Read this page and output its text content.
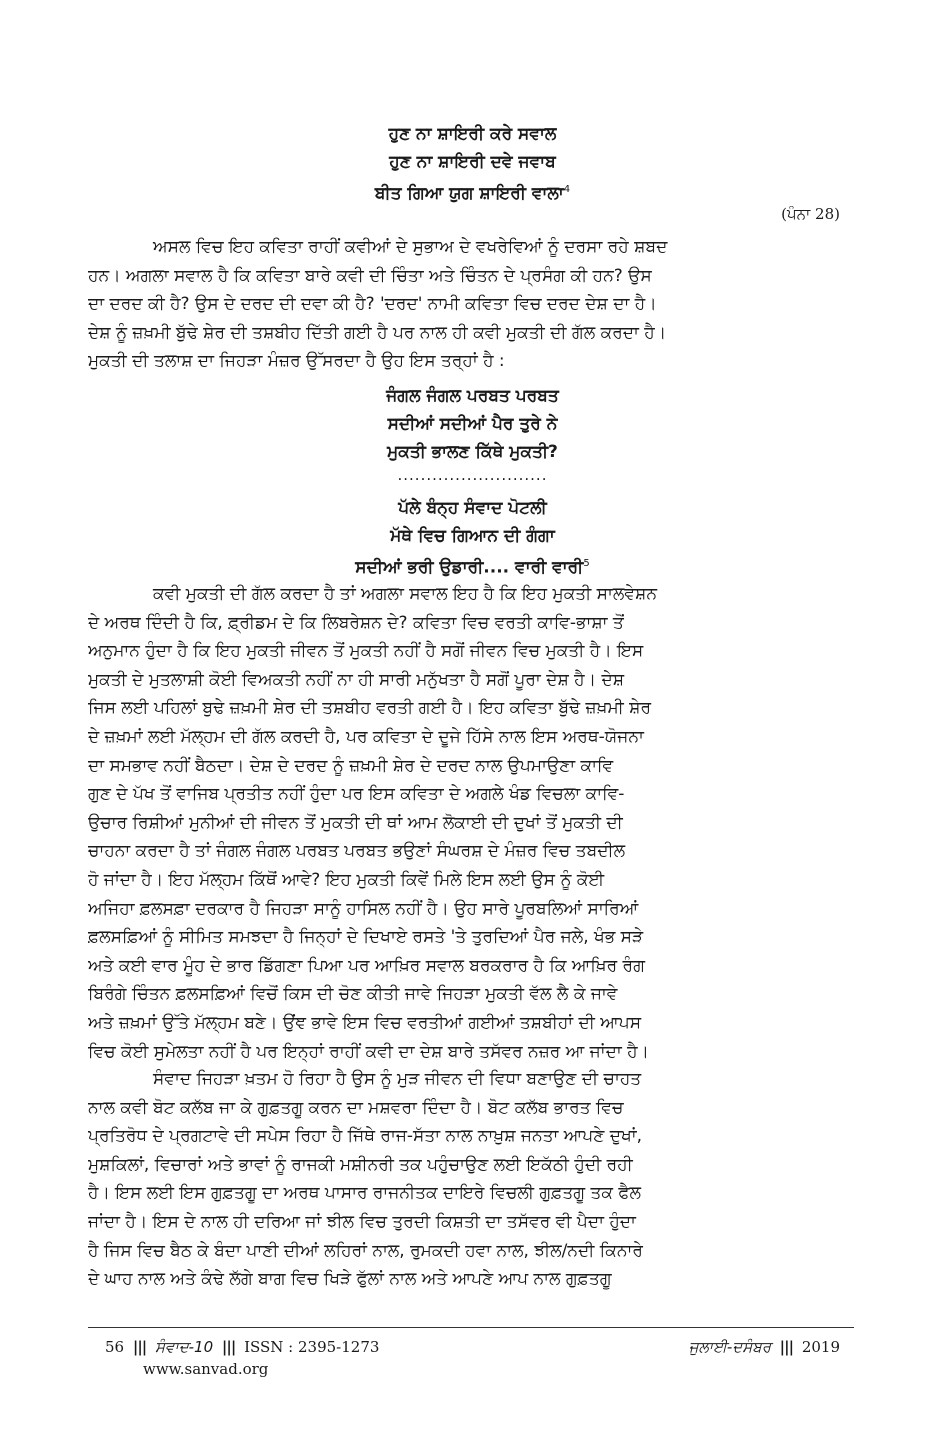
ਹੁਣ ਨਾ ਸ਼ਾਇਰੀ ਕਰੇ ਸਵਾਲ
ਹੁਣ ਨਾ ਸ਼ਾਇਰੀ ਦਵੇ ਜਵਾਬ
ਬੀਤ ਗਿਆ ਯੁਗ ਸ਼ਾਇਰੀ ਵਾਲਾ$^4$
(ਪੰਨਾ 28)
ਅਸਲ ਵਿਚ ਇਹ ਕਵਿਤਾ ਰਾਹੀਂ ਕਵੀਆਂ ਦੇ ਸੁਭਾਅ ਦੇ ਵਖਰੇਵਿਆਂ ਨੂੰ ਦਰਸਾ ਰਹੇ ਸ਼ਬਦ
ਹਨ। ਅਗਲਾ ਸਵਾਲ ਹੈ ਕਿ ਕਵਿਤਾ ਬਾਰੇ ਕਵੀ ਦੀ ਚਿੰਤਾ ਅਤੇ ਚਿੰਤਨ ਦੇ ਪ੍ਰਸੰਗ ਕੀ ਹਨ? ਉਸ
ਦਾ ਦਰਦ ਕੀ ਹੈ? ਉਸ ਦੇ ਦਰਦ ਦੀ ਦਵਾ ਕੀ ਹੈ? 'ਦਰਦ' ਨਾਮੀ ਕਵਿਤਾ ਵਿਚ ਦਰਦ ਦੇਸ਼ ਦਾ ਹੈ।
ਦੇਸ਼ ਨੂੰ ਜ਼ਖ਼ਮੀ ਬੁੱਢੇ ਸ਼ੇਰ ਦੀ ਤਸ਼ਬੀਹ ਦਿੱਤੀ ਗਈ ਹੈ ਪਰ ਨਾਲ ਹੀ ਕਵੀ ਮੁਕਤੀ ਦੀ ਗੱਲ ਕਰਦਾ ਹੈ।
ਮੁਕਤੀ ਦੀ ਤਲਾਸ਼ ਦਾ ਜਿਹੜਾ ਮੰਜ਼ਰ ਉੱਸਰਦਾ ਹੈ ਉਹ ਇਸ ਤਰ੍ਹਾਂ ਹੈ :
ਜੰਗਲ ਜੰਗਲ ਪਰਬਤ ਪਰਬਤ
ਸਦੀਆਂ ਸਦੀਆਂ ਪੈਰ ਤੁਰੇ ਨੇ
ਮੁਕਤੀ ਭਾਲਣ ਕਿੱਥੇ ਮੁਕਤੀ?
..........................
ਪੱਲੇ ਬੰਨ੍ਹ ਸੰਵਾਦ ਪੋਟਲੀ
ਮੱਥੇ ਵਿਚ ਗਿਆਨ ਦੀ ਗੰਗਾ
ਸਦੀਆਂ ਭਰੀ ਉਡਾਰੀ.... ਵਾਰੀ ਵਾਰੀ$^5$
ਕਵੀ ਮੁਕਤੀ ਦੀ ਗੱਲ ਕਰਦਾ ਹੈ ਤਾਂ ਅਗਲਾ ਸਵਾਲ ਇਹ ਹੈ ਕਿ ਇਹ ਮੁਕਤੀ ਸਾਲਵੇਸ਼ਨ
ਦੇ ਅਰਥ ਦਿੰਦੀ ਹੈ ਕਿ, ਫ਼੍ਰੀਡਮ ਦੇ ਕਿ ਲਿਬਰੇਸ਼ਨ ਦੇ? ਕਵਿਤਾ ਵਿਚ ਵਰਤੀ ਕਾਵਿ-ਭਾਸ਼ਾ ਤੋਂ
ਅਨੁਮਾਨ ਹੁੰਦਾ ਹੈ ਕਿ ਇਹ ਮੁਕਤੀ ਜੀਵਨ ਤੋਂ ਮੁਕਤੀ ਨਹੀਂ ਹੈ ਸਗੋਂ ਜੀਵਨ ਵਿਚ ਮੁਕਤੀ ਹੈ। ਇਸ
ਮੁਕਤੀ ਦੇ ਮੁਤਲਾਸ਼ੀ ਕੋਈ ਵਿਅਕਤੀ ਨਹੀਂ ਨਾ ਹੀ ਸਾਰੀ ਮਨੁੱਖਤਾ ਹੈ ਸਗੋਂ ਪੂਰਾ ਦੇਸ਼ ਹੈ। ਦੇਸ਼
ਜਿਸ ਲਈ ਪਹਿਲਾਂ ਬੁਢੇ ਜ਼ਖ਼ਮੀ ਸ਼ੇਰ ਦੀ ਤਸ਼ਬੀਹ ਵਰਤੀ ਗਈ ਹੈ। ਇਹ ਕਵਿਤਾ ਬੁੱਢੇ ਜ਼ਖ਼ਮੀ ਸ਼ੇਰ
ਦੇ ਜ਼ਖ਼ਮਾਂ ਲਈ ਮੱਲ੍ਹਮ ਦੀ ਗੱਲ ਕਰਦੀ ਹੈ, ਪਰ ਕਵਿਤਾ ਦੇ ਦੂਜੇ ਹਿੱਸੇ ਨਾਲ ਇਸ ਅਰਥ-ਯੋਜਨਾ
ਦਾ ਸਮਭਾਵ ਨਹੀਂ ਬੈਠਦਾ। ਦੇਸ਼ ਦੇ ਦਰਦ ਨੂੰ ਜ਼ਖ਼ਮੀ ਸ਼ੇਰ ਦੇ ਦਰਦ ਨਾਲ ਉਪਮਾਉਣਾ ਕਾਵਿ
ਗੁਣ ਦੇ ਪੱਖ ਤੋਂ ਵਾਜਿਬ ਪ੍ਰਤੀਤ ਨਹੀਂ ਹੁੰਦਾ ਪਰ ਇਸ ਕਵਿਤਾ ਦੇ ਅਗਲੇ ਖੰਡ ਵਿਚਲਾ ਕਾਵਿ-
ਉਚਾਰ ਰਿਸ਼ੀਆਂ ਮੁਨੀਆਂ ਦੀ ਜੀਵਨ ਤੋਂ ਮੁਕਤੀ ਦੀ ਥਾਂ ਆਮ ਲੋਕਾਈ ਦੀ ਦੁਖਾਂ ਤੋਂ ਮੁਕਤੀ ਦੀ
ਚਾਹਨਾ ਕਰਦਾ ਹੈ ਤਾਂ ਜੰਗਲ ਜੰਗਲ ਪਰਬਤ ਪਰਬਤ ਭਉਣਾਂ ਸੰਘਰਸ਼ ਦੇ ਮੰਜ਼ਰ ਵਿਚ ਤਬਦੀਲ
ਹੋ ਜਾਂਦਾ ਹੈ। ਇਹ ਮੱਲ੍ਹਮ ਕਿੱਥੋਂ ਆਵੇ? ਇਹ ਮੁਕਤੀ ਕਿਵੇਂ ਮਿਲੇ ਇਸ ਲਈ ਉਸ ਨੂੰ ਕੋਈ
ਅਜਿਹਾ ਫ਼ਲਸਫ਼ਾ ਦਰਕਾਰ ਹੈ ਜਿਹੜਾ ਸਾਨੂੰ ਹਾਸਿਲ ਨਹੀਂ ਹੈ। ਉਹ ਸਾਰੇ ਪੂਰਬਲਿਆਂ ਸਾਰਿਆਂ
ਫ਼ਲਸਫ਼ਿਆਂ ਨੂੰ ਸੀਮਿਤ ਸਮਝਦਾ ਹੈ ਜਿਨ੍ਹਾਂ ਦੇ ਦਿਖਾਏ ਰਸਤੇ 'ਤੇ ਤੁਰਦਿਆਂ ਪੈਰ ਜਲੇ, ਖੰਭ ਸੜੇ
ਅਤੇ ਕਈ ਵਾਰ ਮੂੰਹ ਦੇ ਭਾਰ ਡਿੱਗਣਾ ਪਿਆ ਪਰ ਆਖ਼ਿਰ ਸਵਾਲ ਬਰਕਰਾਰ ਹੈ ਕਿ ਆਖ਼ਿਰ ਰੰਗ
ਬਿਰੰਗੇ ਚਿੰਤਨ ਫ਼ਲਸਫ਼ਿਆਂ ਵਿਚੋਂ ਕਿਸ ਦੀ ਚੋਣ ਕੀਤੀ ਜਾਵੇ ਜਿਹੜਾ ਮੁਕਤੀ ਵੱਲ ਲੈ ਕੇ ਜਾਵੇ
ਅਤੇ ਜ਼ਖ਼ਮਾਂ ਉੱਤੇ ਮੱਲ੍ਹਮ ਬਣੇ। ਉਂਞ ਭਾਵੇ ਇਸ ਵਿਚ ਵਰਤੀਆਂ ਗਈਆਂ ਤਸ਼ਬੀਹਾਂ ਦੀ ਆਪਸ
ਵਿਚ ਕੋਈ ਸੁਮੇਲਤਾ ਨਹੀਂ ਹੈ ਪਰ ਇਨ੍ਹਾਂ ਰਾਹੀਂ ਕਵੀ ਦਾ ਦੇਸ਼ ਬਾਰੇ ਤਸੱਵਰ ਨਜ਼ਰ ਆ ਜਾਂਦਾ ਹੈ।
ਸੰਵਾਦ ਜਿਹੜਾ ਖ਼ਤਮ ਹੋ ਰਿਹਾ ਹੈ ਉਸ ਨੂੰ ਮੁੜ ਜੀਵਨ ਦੀ ਵਿਧਾ ਬਣਾਉਣ ਦੀ ਚਾਹਤ
ਨਾਲ ਕਵੀ ਬੋਟ ਕਲੱਬ ਜਾ ਕੇ ਗੁਫ਼ਤਗੂ ਕਰਨ ਦਾ ਮਸ਼ਵਰਾ ਦਿੰਦਾ ਹੈ। ਬੋਟ ਕਲੱਬ ਭਾਰਤ ਵਿਚ
ਪ੍ਰਤਿਰੋਧ ਦੇ ਪ੍ਰਗਟਾਵੇ ਦੀ ਸਪੇਸ ਰਿਹਾ ਹੈ ਜਿੱਥੇ ਰਾਜ-ਸੱਤਾ ਨਾਲ ਨਾਖ਼ੁਸ਼ ਜਨਤਾ ਆਪਣੇ ਦੁਖਾਂ,
ਮੁਸ਼ਕਿਲਾਂ, ਵਿਚਾਰਾਂ ਅਤੇ ਭਾਵਾਂ ਨੂੰ ਰਾਜਕੀ ਮਸ਼ੀਨਰੀ ਤਕ ਪਹੁੰਚਾਉਣ ਲਈ ਇਕੱਠੀ ਹੁੰਦੀ ਰਹੀ
ਹੈ। ਇਸ ਲਈ ਇਸ ਗੁਫ਼ਤਗੂ ਦਾ ਅਰਥ ਪਾਸਾਰ ਰਾਜਨੀਤਕ ਦਾਇਰੇ ਵਿਚਲੀ ਗੁਫ਼ਤਗੂ ਤਕ ਫੈਲ
ਜਾਂਦਾ ਹੈ। ਇਸ ਦੇ ਨਾਲ ਹੀ ਦਰਿਆ ਜਾਂ ਝੀਲ ਵਿਚ ਤੁਰਦੀ ਕਿਸ਼ਤੀ ਦਾ ਤਸੱਵਰ ਵੀ ਪੈਦਾ ਹੁੰਦਾ
ਹੈ ਜਿਸ ਵਿਚ ਬੈਠ ਕੇ ਬੰਦਾ ਪਾਣੀ ਦੀਆਂ ਲਹਿਰਾਂ ਨਾਲ, ਰੁਮਕਦੀ ਹਵਾ ਨਾਲ, ਝੀਲ/ਨਦੀ ਕਿਨਾਰੇ
ਦੇ ਘਾਹ ਨਾਲ ਅਤੇ ਕੰਢੇ ਲੱਗੇ ਬਾਗ ਵਿਚ ਖਿੜੇ ਫੁੱਲਾਂ ਨਾਲ ਅਤੇ ਆਪਣੇ ਆਪ ਨਾਲ ਗੁਫ਼ਤਗੂ
56 ||| ਸੰਵਾਦ-10 ||| ISSN : 2395-1273	ਜੁਲਾਈ-ਦਸੰਬਰ ||| 2019
www.sanvad.org
